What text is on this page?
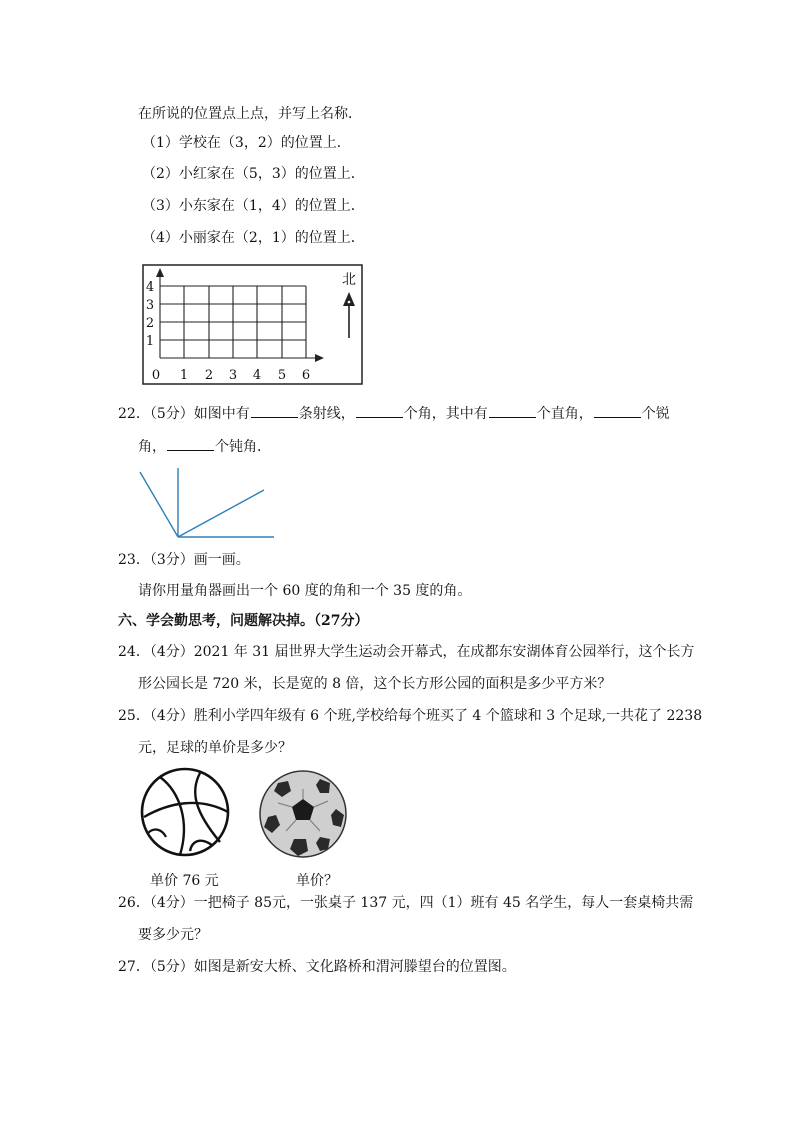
在所说的位置点上点，并写上名称．
（1）学校在（3，2）的位置上．
（2）小红家在（5，3）的位置上．
（3）小东家在（1，4）的位置上．
（4）小丽家在（2，1）的位置上．
0 1 2 3 4 5 6
1
2
3
4	北
22．（5分）如图中有	条射线，	个角，其中有	个直角，	个锐
角，	个钝角．
23．（3分）画一画。
请你用量角器画出一个 60 度的角和一个 35 度的角。
六、学会勤思考，问题解决掉。（27分）
24．（4分）2021 年 31 届世界大学生运动会开幕式，在成都东安湖体育公园举行，这个长方
形公园长是 720 米，长是宽的 8 倍，这个长方形公园的面积是多少平方米？
25．（4分）胜利小学四年级有 6 个班,学校给每个班买了 4 个篮球和 3 个足球,一共花了 2238
元，足球的单价是多少？
单价 76 元	单价？
26．（4分）一把椅子 85元，一张桌子 137 元，四（1）班有 45 名学生，每人一套桌椅共需
要多少元？
27．（5分）如图是新安大桥、文化路桥和渭河滕望台的位置图。
